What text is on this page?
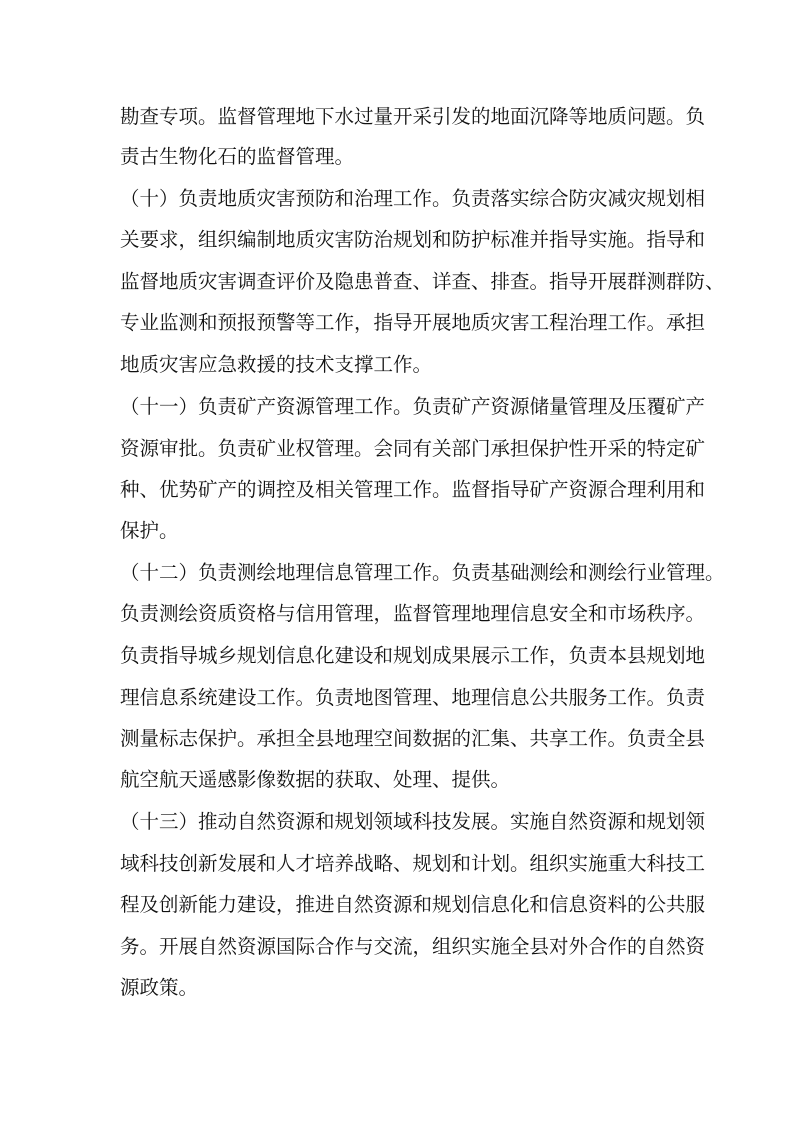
勘查专项。监督管理地下水过量开采引发的地面沉降等地质问题。负
责古生物化石的监督管理。
（十）负责地质灾害预防和治理工作。负责落实综合防灾减灾规划相
关要求，组织编制地质灾害防治规划和防护标准并指导实施。指导和
监督地质灾害调查评价及隐患普查、详查、排查。指导开展群测群防、
专业监测和预报预警等工作，指导开展地质灾害工程治理工作。承担
地质灾害应急救援的技术支撑工作。
（十一）负责矿产资源管理工作。负责矿产资源储量管理及压覆矿产
资源审批。负责矿业权管理。会同有关部门承担保护性开采的特定矿
种、优势矿产的调控及相关管理工作。监督指导矿产资源合理利用和
保护。
（十二）负责测绘地理信息管理工作。负责基础测绘和测绘行业管理。
负责测绘资质资格与信用管理，监督管理地理信息安全和市场秩序。
负责指导城乡规划信息化建设和规划成果展示工作，负责本县规划地
理信息系统建设工作。负责地图管理、地理信息公共服务工作。负责
测量标志保护。承担全县地理空间数据的汇集、共享工作。负责全县
航空航天遥感影像数据的获取、处理、提供。
（十三）推动自然资源和规划领域科技发展。实施自然资源和规划领
域科技创新发展和人才培养战略、规划和计划。组织实施重大科技工
程及创新能力建设，推进自然资源和规划信息化和信息资料的公共服
务。开展自然资源国际合作与交流，组织实施全县对外合作的自然资
源政策。
